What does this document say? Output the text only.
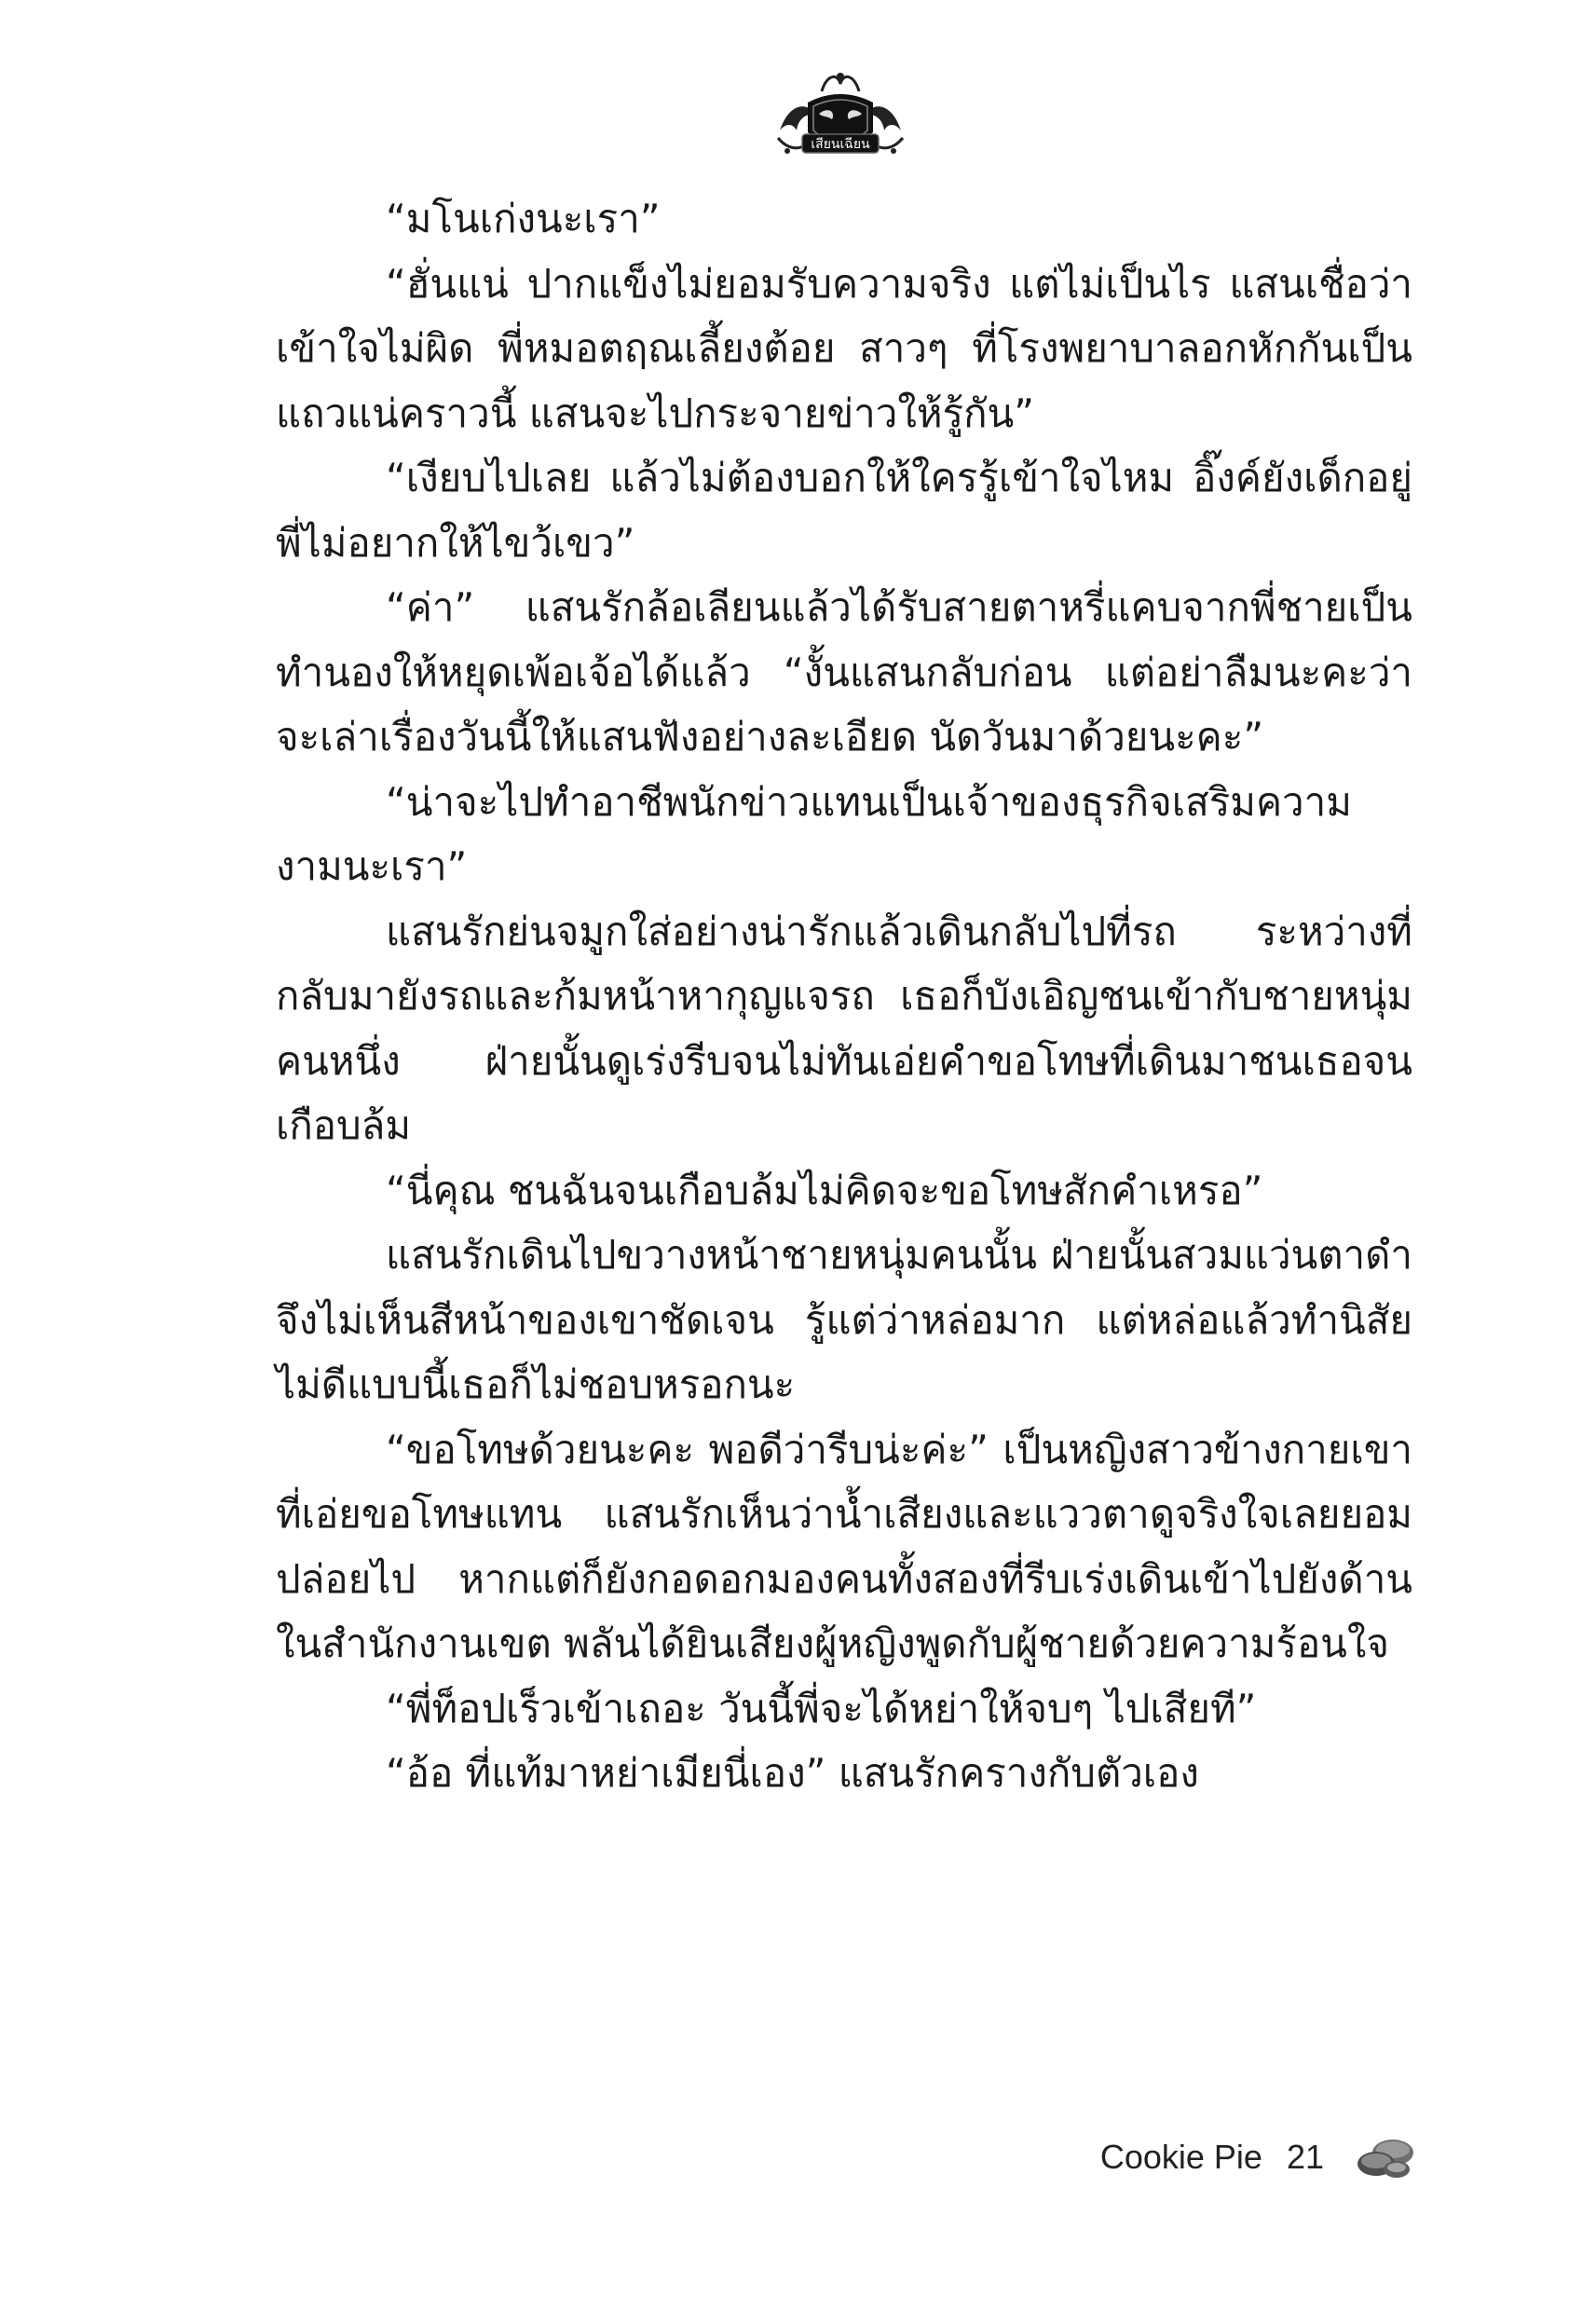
เสียนเฉียน

“มโนเก่งนะเรา”

“ฮั่นแน่ ปากแข็งไม่ยอมรับความจริง แต่ไม่เป็นไร แสนเชื่อว่าเข้าใจไม่ผิด พี่หมอตฤณเลี้ยงต้อย สาวๆ ที่โรงพยาบาลอกหักกันเป็นแถวแน่คราวนี้ แสนจะไปกระจายข่าวให้รู้กัน”

“เงียบไปเลย แล้วไม่ต้องบอกให้ใครรู้เข้าใจไหม อิ๊งค์ยังเด็กอยู่ พี่ไม่อยากให้ไขว้เขว”

“ค่า” แสนรักล้อเลียนแล้วได้รับสายตาหรี่แคบจากพี่ชายเป็นทำนองให้หยุดเพ้อเจ้อได้แล้ว “งั้นแสนกลับก่อน แต่อย่าลืมนะคะว่าจะเล่าเรื่องวันนี้ให้แสนฟังอย่างละเอียด นัดวันมาด้วยนะคะ”

“น่าจะไปทำอาชีพนักข่าวแทนเป็นเจ้าของธุรกิจเสริมความงามนะเรา”

แสนรักย่นจมูกใส่อย่างน่ารักแล้วเดินกลับไปที่รถ ระหว่างที่กลับมายังรถและก้มหน้าหากุญแจรถ เธอก็บังเอิญชนเข้ากับชายหนุ่มคนหนึ่ง ฝ่ายนั้นดูเร่งรีบจนไม่ทันเอ่ยคำขอโทษที่เดินมาชนเธอจนเกือบล้ม

“นี่คุณ ชนฉันจนเกือบล้มไม่คิดจะขอโทษสักคำเหรอ”

แสนรักเดินไปขวางหน้าชายหนุ่มคนนั้น ฝ่ายนั้นสวมแว่นตาดำจึงไม่เห็นสีหน้าของเขาชัดเจน รู้แต่ว่าหล่อมาก แต่หล่อแล้วทำนิสัยไม่ดีแบบนี้เธอก็ไม่ชอบหรอกนะ

“ขอโทษด้วยนะคะ พอดีว่ารีบน่ะค่ะ” เป็นหญิงสาวข้างกายเขาที่เอ่ยขอโทษแทน แสนรักเห็นว่าน้ำเสียงและแววตาดูจริงใจเลยยอมปล่อยไป หากแต่ก็ยังกอดอกมองคนทั้งสองที่รีบเร่งเดินเข้าไปยังด้านในสำนักงานเขต พลันได้ยินเสียงผู้หญิงพูดกับผู้ชายด้วยความร้อนใจ

“พี่ท็อปเร็วเข้าเถอะ วันนี้พี่จะได้หย่าให้จบๆ ไปเสียที”

“อ้อ ที่แท้มาหย่าเมียนี่เอง” แสนรักครางกับตัวเอง

Cookie Pie 21
